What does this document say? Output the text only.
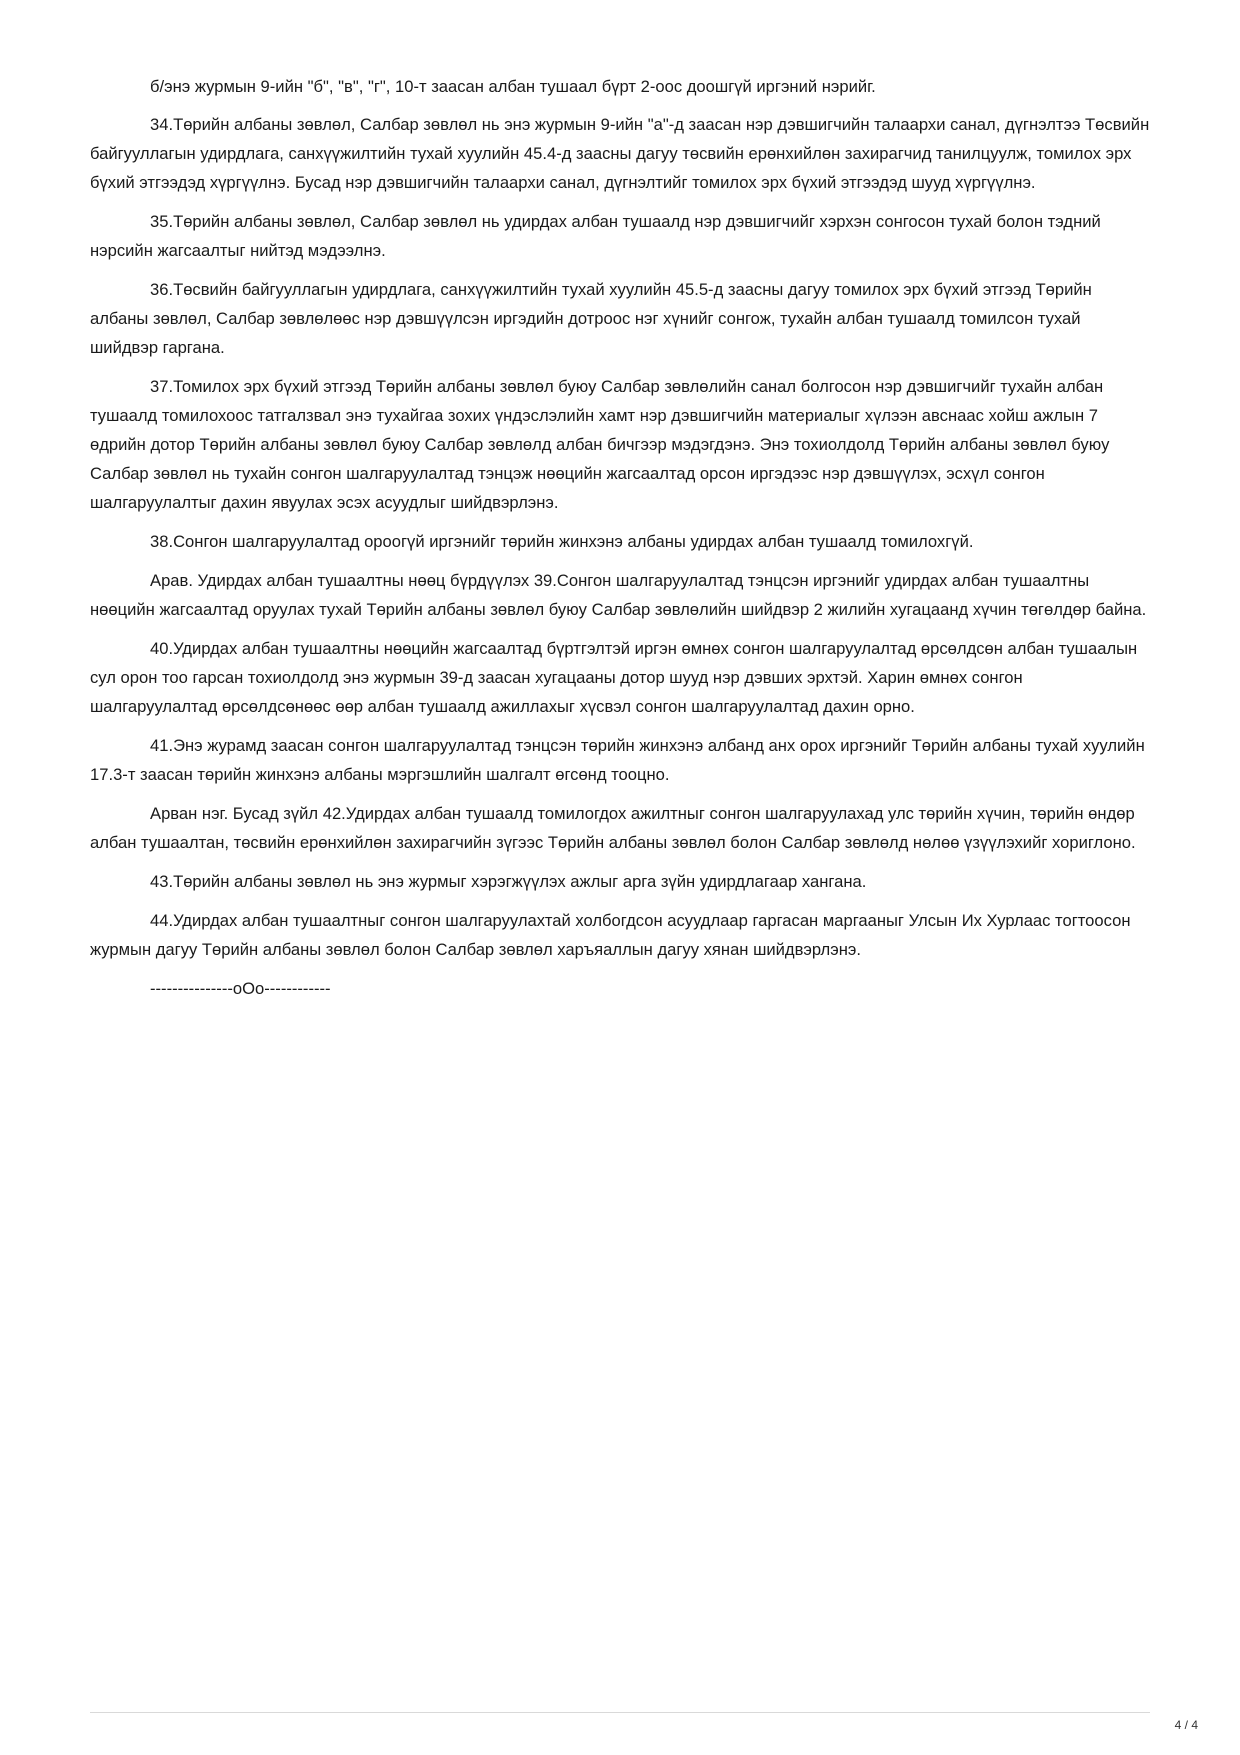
б/энэ журмын 9-ийн "б", "в", "г", 10-т заасан албан тушаал бүрт 2-оос доошгүй иргэний нэрийг.

34.Төрийн албаны зөвлөл, Салбар зөвлөл нь энэ журмын 9-ийн "а"-д заасан нэр дэвшигчийн талаархи санал, дүгнэлтээ Төсвийн байгууллагын удирдлага, санхүүжилтийн тухай хуулийн 45.4-д заасны дагуу төсвийн ерөнхийлөн захирагчид танилцуулж, томилох эрх бүхий этгээдэд хүргүүлнэ. Бусад нэр дэвшигчийн талаархи санал, дүгнэлтийг томилох эрх бүхий этгээдэд шууд хүргүүлнэ.

35.Төрийн албаны зөвлөл, Салбар зөвлөл нь удирдах албан тушаалд нэр дэвшигчийг хэрхэн сонгосон тухай болон тэдний нэрсийн жагсаалтыг нийтэд мэдээлнэ.

36.Төсвийн байгууллагын удирдлага, санхүүжилтийн тухай хуулийн 45.5-д заасны дагуу томилох эрх бүхий этгээд Төрийн албаны зөвлөл, Салбар зөвлөлөөс нэр дэвшүүлсэн иргэдийн дотроос нэг хүнийг сонгож, тухайн албан тушаалд томилсон тухай шийдвэр гаргана.

37.Томилох эрх бүхий этгээд Төрийн албаны зөвлөл буюу Салбар зөвлөлийн санал болгосон нэр дэвшигчийг тухайн албан тушаалд томилохоос татгалзвал энэ тухайгаа зохих үндэслэлийн хамт нэр дэвшигчийн материалыг хүлээн авснаас хойш ажлын 7 өдрийн дотор Төрийн албаны зөвлөл буюу Салбар зөвлөлд албан бичгээр мэдэгдэнэ. Энэ тохиолдолд Төрийн албаны зөвлөл буюу Салбар зөвлөл нь тухайн сонгон шалгаруулалтад тэнцэж нөөцийн жагсаалтад орсон иргэдээс нэр дэвшүүлэх, эсхүл сонгон шалгаруулалтыг дахин явуулах эсэх асуудлыг шийдвэрлэнэ.

38.Сонгон шалгаруулалтад ороогүй иргэнийг төрийн жинхэнэ албаны удирдах албан тушаалд томилохгүй.

Арав. Удирдах албан тушаалтны нөөц бүрдүүлэх 39.Сонгон шалгаруулалтад тэнцсэн иргэнийг удирдах албан тушаалтны нөөцийн жагсаалтад оруулах тухай Төрийн албаны зөвлөл буюу Салбар зөвлөлийн шийдвэр 2 жилийн хугацаанд хүчин төгөлдөр байна.

40.Удирдах албан тушаалтны нөөцийн жагсаалтад бүртгэлтэй иргэн өмнөх сонгон шалгаруулалтад өрсөлдсөн албан тушаалын сул орон тоо гарсан тохиолдолд энэ журмын 39-д заасан хугацааны дотор шууд нэр дэвших эрхтэй. Харин өмнөх сонгон шалгаруулалтад өрсөлдсөнөөс өөр албан тушаалд ажиллахыг хүсвэл сонгон шалгаруулалтад дахин орно.

41.Энэ журамд заасан сонгон шалгаруулалтад тэнцсэн төрийн жинхэнэ албанд анх орох иргэнийг Төрийн албаны тухай хуулийн 17.3-т заасан төрийн жинхэнэ албаны мэргэшлийн шалгалт өгсөнд тооцно.

Арван нэг. Бусад зүйл 42.Удирдах албан тушаалд томилогдох ажилтныг сонгон шалгаруулахад улс төрийн хүчин, төрийн өндөр албан тушаалтан, төсвийн ерөнхийлөн захирагчийн зүгээс Төрийн албаны зөвлөл болон Салбар зөвлөлд нөлөө үзүүлэхийг хориглоно.

43.Төрийн албаны зөвлөл нь энэ журмыг хэрэгжүүлэх ажлыг арга зүйн удирдлагаар хангана.

44.Удирдах албан тушаалтныг сонгон шалгаруулахтай холбогдсон асуудлаар гаргасан маргааныг Улсын Их Хурлаас тогтоосон журмын дагуу Төрийн албаны зөвлөл болон Салбар зөвлөл харъяаллын дагуу хянан шийдвэрлэнэ.

---------------оОо------------

4 / 4
